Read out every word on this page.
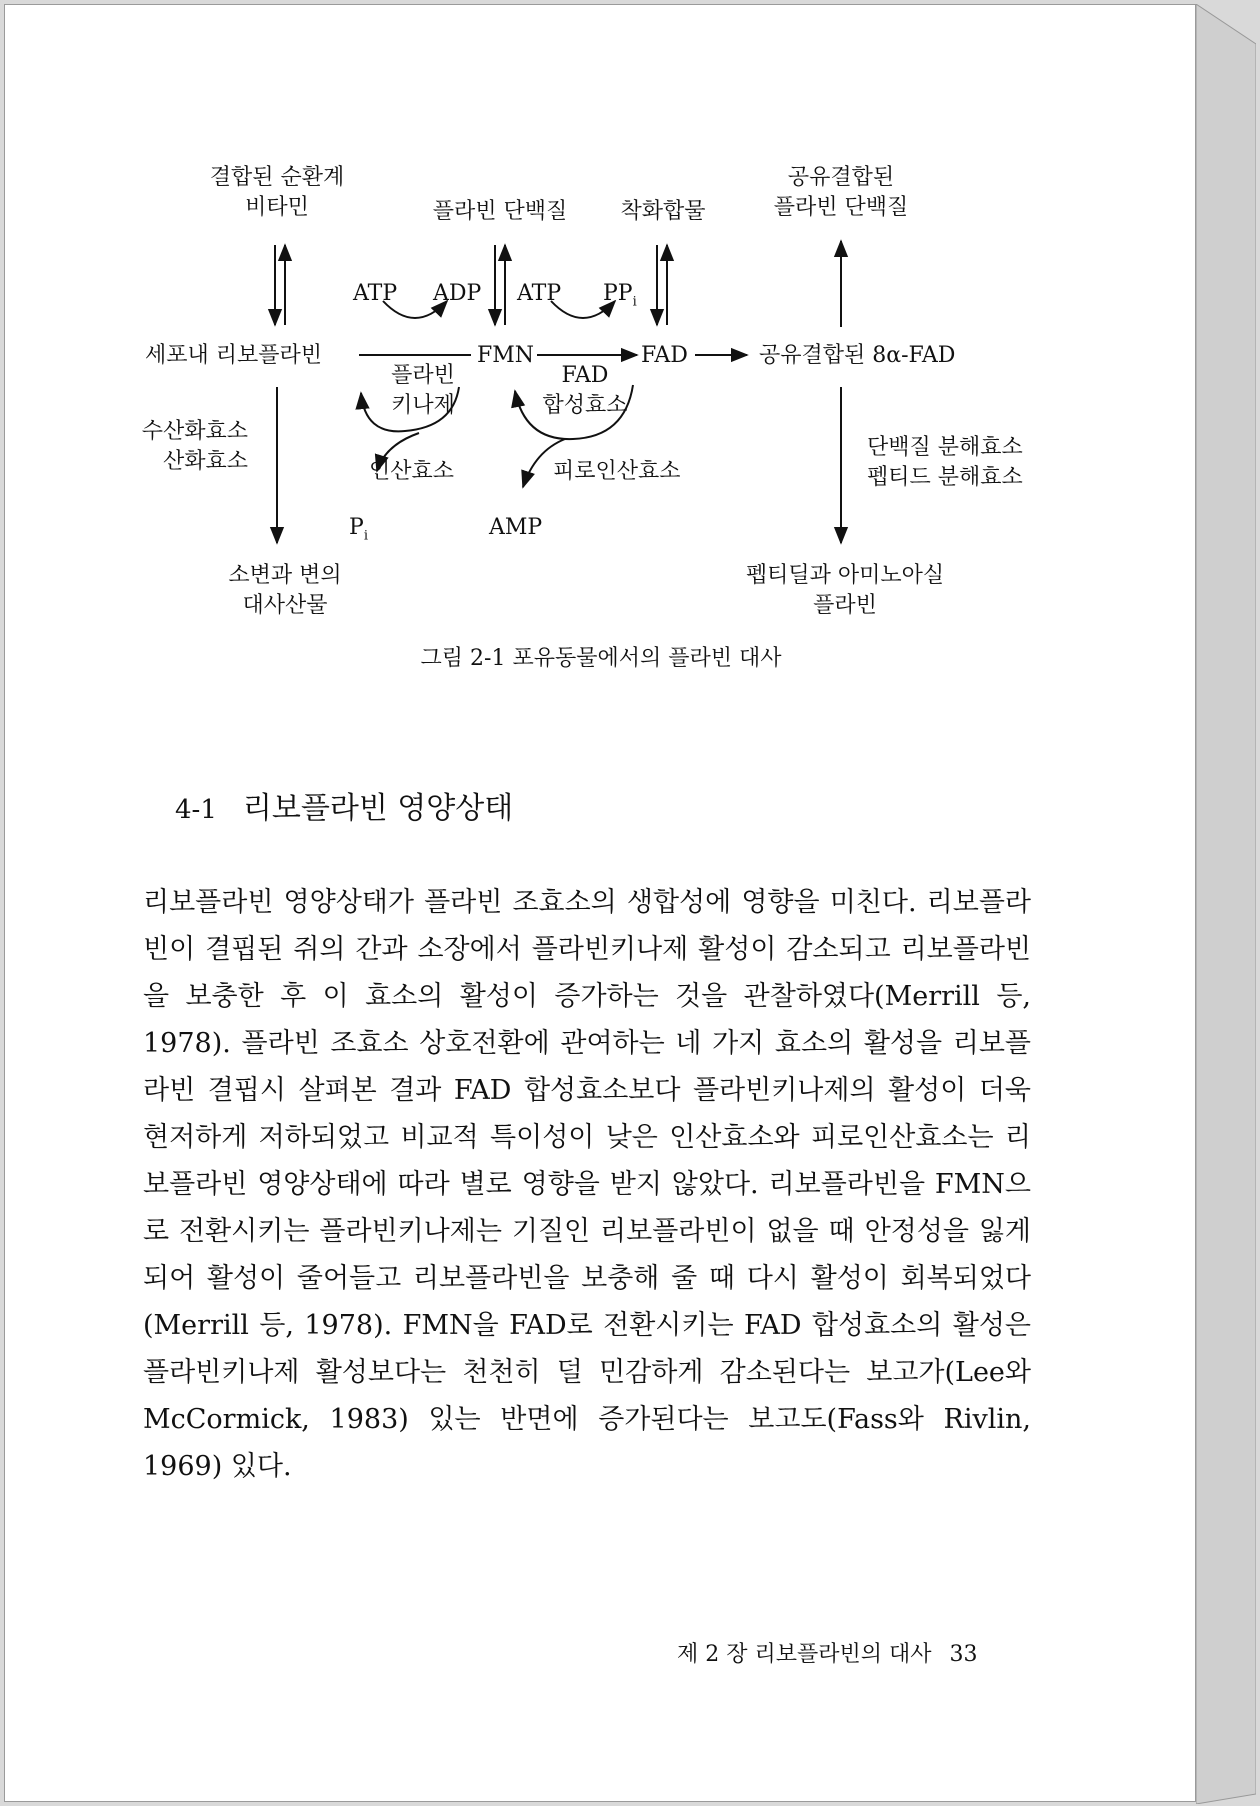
결합된 순환계
비타민	플라빈 단백질 착화합물
공유결합된
플라빈 단백질
ATP ADP ATP $PP_i$
세포내 리보플라빈	FMN	FAD	공유결합된 8α-FAD
플라빈
키나제
FAD
합성효소
수산화효소
산화효소	인산효소	피로인산효소
단백질 분해효소
펩티드 분해효소
$P_i$	AMP
소변과 변의
대사산물
펩티딜과 아미노아실
플라빈
그림 2-1 포유동물에서의 플라빈 대사
4-1 리보플라빈 영양상태
리보플라빈 영양상태가 플라빈 조효소의 생합성에 영향을 미친다. 리보플라빈이 결핍된 쥐의 간과 소장에서 플라빈키나제 활성이 감소되고 리보플라빈을 보충한 후 이 효소의 활성이 증가하는 것을 관찰하였다(Merrill 등, 1978). 플라빈 조효소 상호전환에 관여하는 네 가지 효소의 활성을 리보플라빈 결핍시 살펴본 결과 FAD 합성효소보다 플라빈키나제의 활성이 더욱 현저하게 저하되었고 비교적 특이성이 낮은 인산효소와 피로인산효소는 리보플라빈 영양상태에 따라 별로 영향을 받지 않았다. 리보플라빈을 FMN으로 전환시키는 플라빈키나제는 기질인 리보플라빈이 없을 때 안정성을 잃게 되어 활성이 줄어들고 리보플라빈을 보충해 줄 때 다시 활성이 회복되었다(Merrill 등, 1978). FMN을 FAD로 전환시키는 FAD 합성효소의 활성은 플라빈키나제 활성보다는 천천히 덜 민감하게 감소된다는 보고가(Lee와 McCormick, 1983) 있는 반면에 증가된다는 보고도(Fass와 Rivlin, 1969) 있다.
제 2 장 리보플라빈의 대사 33
